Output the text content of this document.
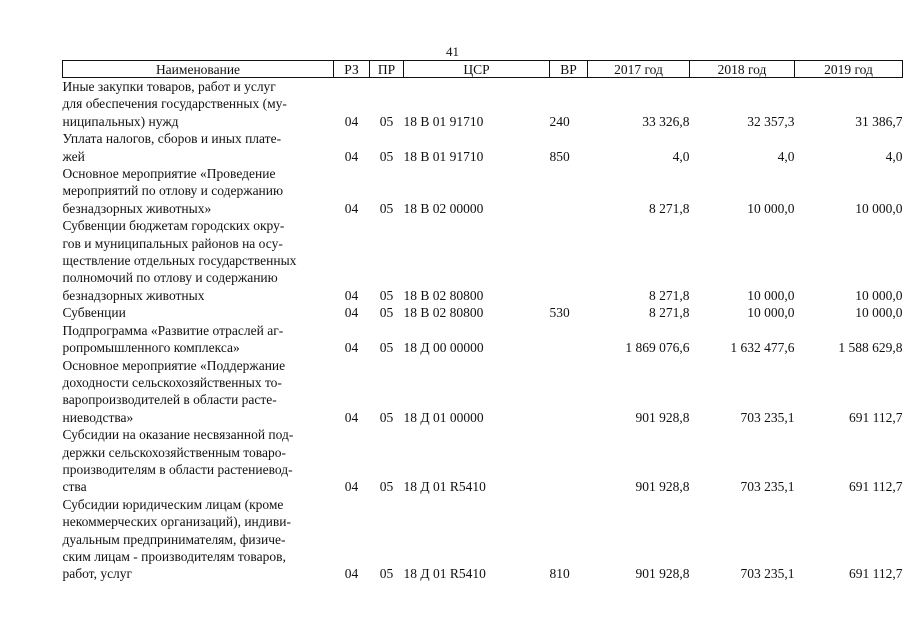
41
Наименование	РЗ	ПР	ЦСР	ВР	2017 год	2018 год	2019 год

Иные закупки товаров, работ и услуг
для обеспечения государственных (му-
ниципальных) нужд	04	05	18 В 01 91710	240	33 326,8	32 357,3	31 386,7

Уплата налогов, сборов и иных плате-
жей	04	05	18 В 01 91710	850	4,0	4,0	4,0

Основное мероприятие «Проведение
мероприятий по отлову и содержанию
безнадзорных животных»	04	05	18 В 02 00000		8 271,8	10 000,0	10 000,0

Субвенции бюджетам городских окру-
гов и муниципальных районов на осу-
ществление отдельных государственных
полномочий по отлову и содержанию
безнадзорных животных	04	05	18 В 02 80800		8 271,8	10 000,0	10 000,0

Субвенции	04	05	18 В 02 80800	530	8 271,8	10 000,0	10 000,0

Подпрограмма «Развитие отраслей аг-
ропромышленного комплекса»	04	05	18 Д 00 00000		1 869 076,6	1 632 477,6	1 588 629,8

Основное мероприятие «Поддержание
доходности сельскохозяйственных то-
варопроизводителей в области расте-
ниеводства»	04	05	18 Д 01 00000		901 928,8	703 235,1	691 112,7

Субсидии на оказание несвязанной под-
держки сельскохозяйственным товаро-
производителям в области растениевод-
ства	04	05	18 Д 01 R5410		901 928,8	703 235,1	691 112,7

Субсидии юридическим лицам (кроме
некоммерческих организаций), индиви-
дуальным предпринимателям, физиче-
ским лицам - производителям товаров,
работ, услуг	04	05	18 Д 01 R5410	810	901 928,8	703 235,1	691 112,7
